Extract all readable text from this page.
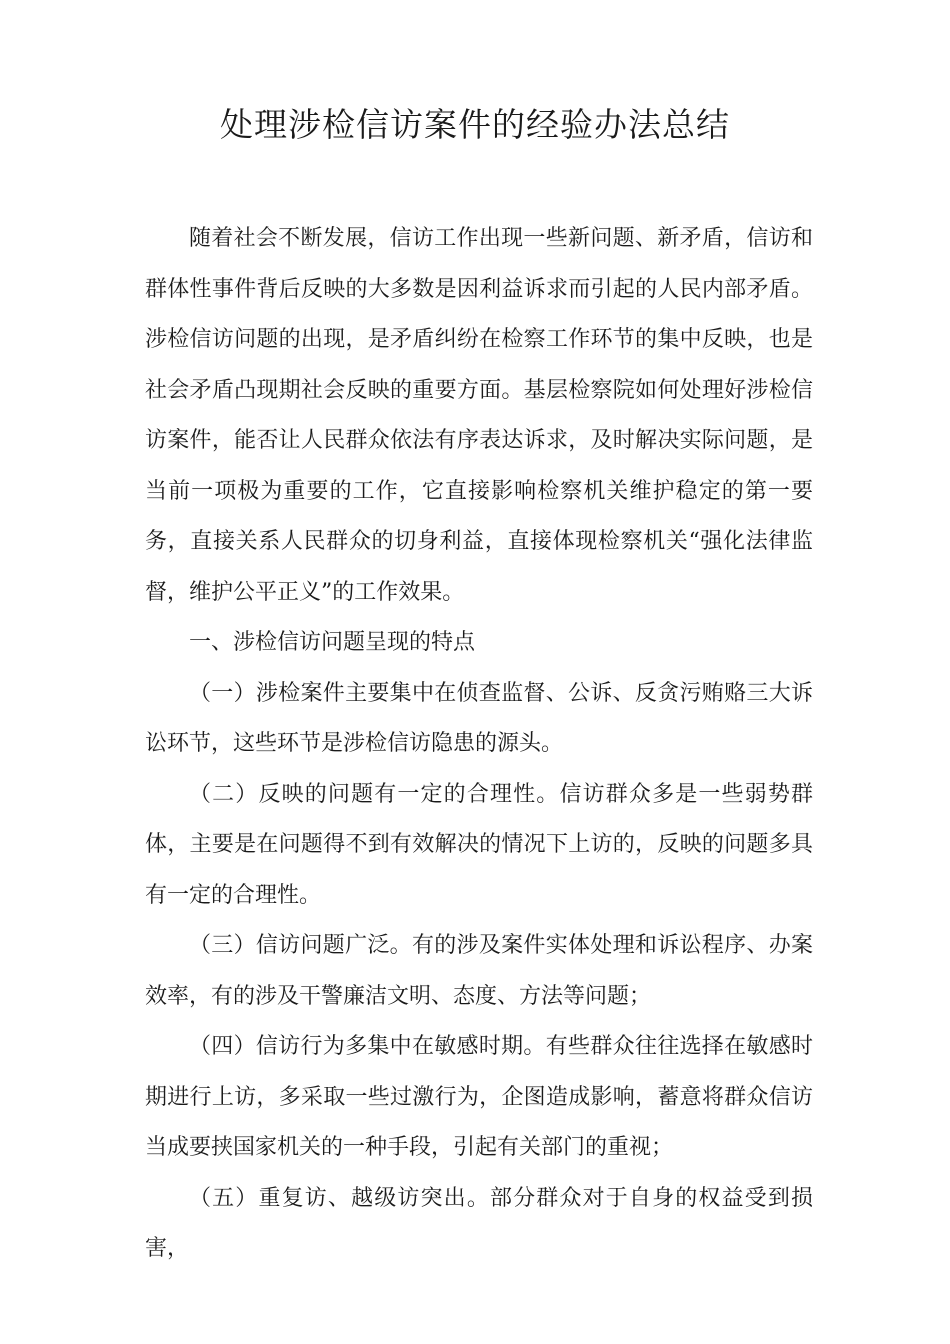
处理涉检信访案件的经验办法总结

随着社会不断发展，信访工作出现一些新问题、新矛盾，信访和群体性事件背后反映的大多数是因利益诉求而引起的人民内部矛盾。涉检信访问题的出现，是矛盾纠纷在检察工作环节的集中反映，也是社会矛盾凸现期社会反映的重要方面。基层检察院如何处理好涉检信访案件，能否让人民群众依法有序表达诉求，及时解决实际问题，是当前一项极为重要的工作，它直接影响检察机关维护稳定的第一要务，直接关系人民群众的切身利益，直接体现检察机关“强化法律监督，维护公平正义”的工作效果。

一、涉检信访问题呈现的特点

（一）涉检案件主要集中在侦查监督、公诉、反贪污贿赂三大诉讼环节，这些环节是涉检信访隐患的源头。

（二）反映的问题有一定的合理性。信访群众多是一些弱势群体，主要是在问题得不到有效解决的情况下上访的，反映的问题多具有一定的合理性。

（三）信访问题广泛。有的涉及案件实体处理和诉讼程序、办案效率，有的涉及干警廉洁文明、态度、方法等问题；

（四）信访行为多集中在敏感时期。有些群众往往选择在敏感时期进行上访，多采取一些过激行为，企图造成影响，蓄意将群众信访当成要挟国家机关的一种手段，引起有关部门的重视；

（五）重复访、越级访突出。部分群众对于自身的权益受到损害，
